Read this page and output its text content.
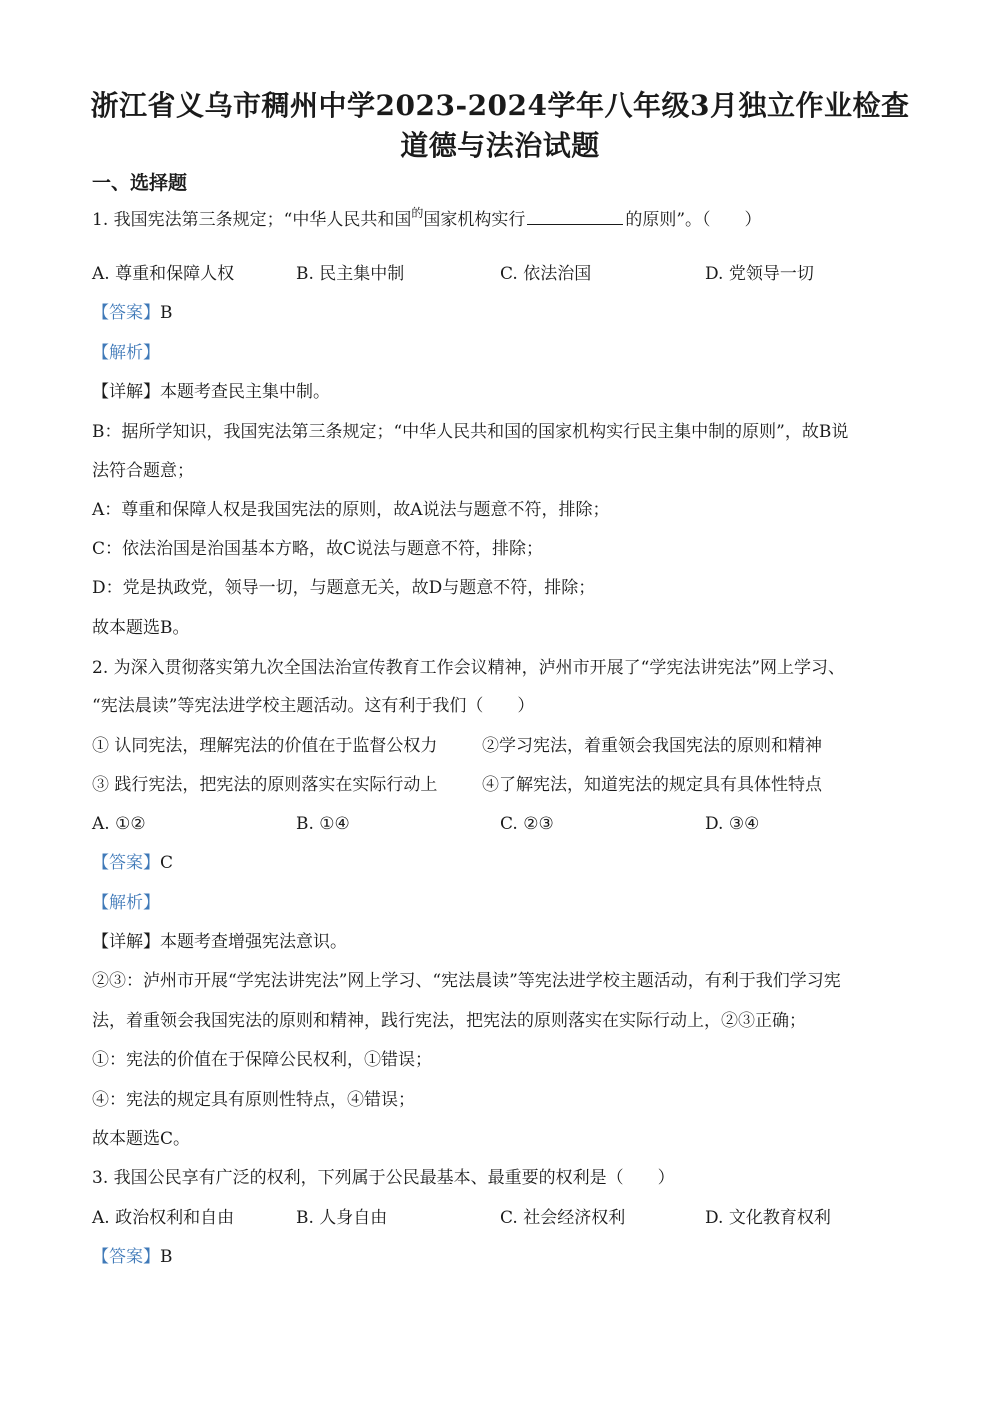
浙江省义乌市稠州中学2023-2024学年八年级3月独立作业检查
道德与法治试题
一、选择题
1. 我国宪法第三条规定；“中华人民共和国$^的$国家机构实行	的原则”。（　　）
A. 尊重和保障人权	B. 民主集中制	C. 依法治国	D. 党领导一切
【答案】B
【解析】
【详解】本题考查民主集中制。
B：据所学知识，我国宪法第三条规定；“中华人民共和国的国家机构实行民主集中制的原则”，故B说
法符合题意；
A：尊重和保障人权是我国宪法的原则，故A说法与题意不符，排除；
C：依法治国是治国基本方略，故C说法与题意不符，排除；
D：党是执政党，领导一切，与题意无关，故D与题意不符，排除；
故本题选B。
2. 为深入贯彻落实第九次全国法治宣传教育工作会议精神，泸州市开展了“学宪法讲宪法”网上学习、
“宪法晨读”等宪法进学校主题活动。这有利于我们（　　）
① 认同宪法，理解宪法的价值在于监督公权力	②学习宪法，着重领会我国宪法的原则和精神
③ 践行宪法，把宪法的原则落实在实际行动上	④了解宪法，知道宪法的规定具有具体性特点
A. ①②	B. ①④	C. ②③	D. ③④
【答案】C
【解析】
【详解】本题考查增强宪法意识。
②③：泸州市开展“学宪法讲宪法”网上学习、“宪法晨读”等宪法进学校主题活动，有利于我们学习宪
法，着重领会我国宪法的原则和精神，践行宪法，把宪法的原则落实在实际行动上，②③正确；
①：宪法的价值在于保障公民权利，①错误；
④：宪法的规定具有原则性特点，④错误；
故本题选C。
3. 我国公民享有广泛的权利，下列属于公民最基本、最重要的权利是（　　）
A. 政治权利和自由	B. 人身自由	C. 社会经济权利	D. 文化教育权利
【答案】B
